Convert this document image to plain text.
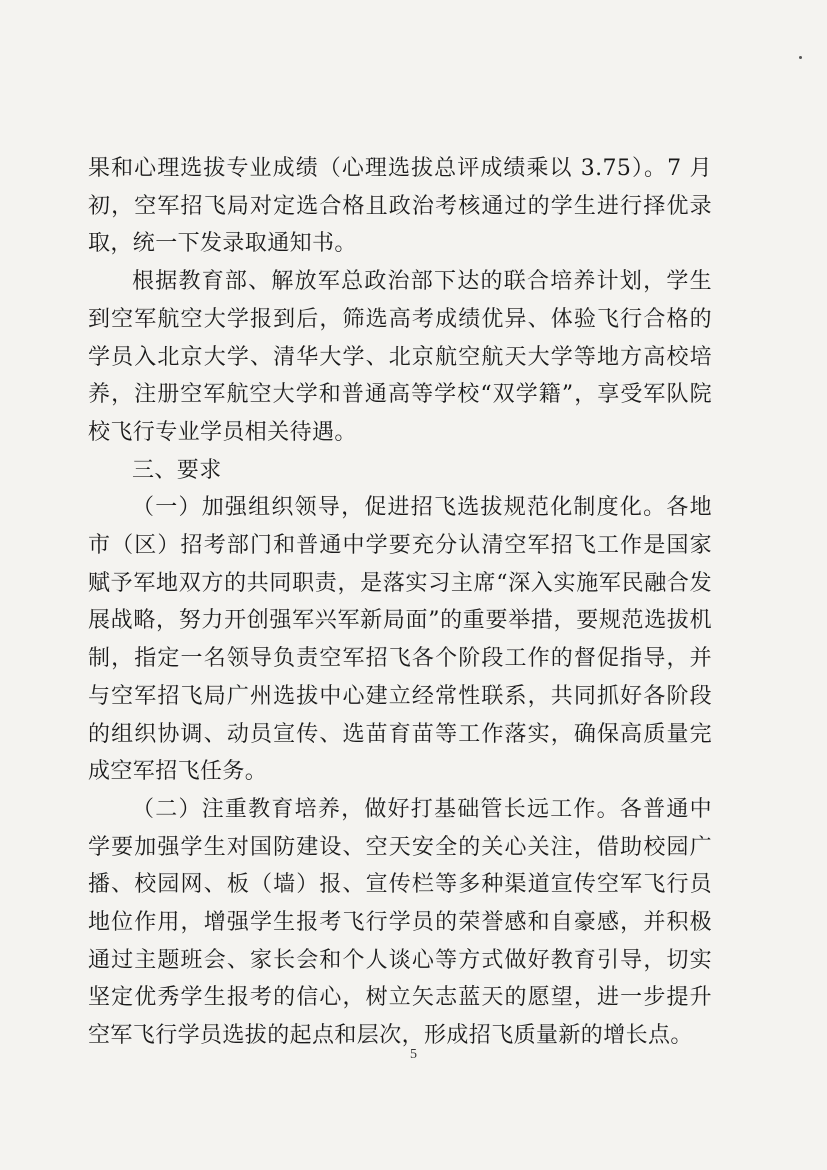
果和心理选拔专业成绩（心理选拔总评成绩乘以 3.75）。7 月初，空军招飞局对定选合格且政治考核通过的学生进行择优录取，统一下发录取通知书。

根据教育部、解放军总政治部下达的联合培养计划，学生到空军航空大学报到后，筛选高考成绩优异、体验飞行合格的学员入北京大学、清华大学、北京航空航天大学等地方高校培养，注册空军航空大学和普通高等学校“双学籍”，享受军队院校飞行专业学员相关待遇。

三、要求

（一）加强组织领导，促进招飞选拔规范化制度化。各地市（区）招考部门和普通中学要充分认清空军招飞工作是国家赋予军地双方的共同职责，是落实习主席“深入实施军民融合发展战略，努力开创强军兴军新局面”的重要举措，要规范选拔机制，指定一名领导负责空军招飞各个阶段工作的督促指导，并与空军招飞局广州选拔中心建立经常性联系，共同抓好各阶段的组织协调、动员宣传、选苗育苗等工作落实，确保高质量完成空军招飞任务。

（二）注重教育培养，做好打基础管长远工作。各普通中学要加强学生对国防建设、空天安全的关心关注，借助校园广播、校园网、板（墙）报、宣传栏等多种渠道宣传空军飞行员地位作用，增强学生报考飞行学员的荣誉感和自豪感，并积极通过主题班会、家长会和个人谈心等方式做好教育引导，切实坚定优秀学生报考的信心，树立矢志蓝天的愿望，进一步提升空军飞行学员选拔的起点和层次，形成招飞质量新的增长点。

5
